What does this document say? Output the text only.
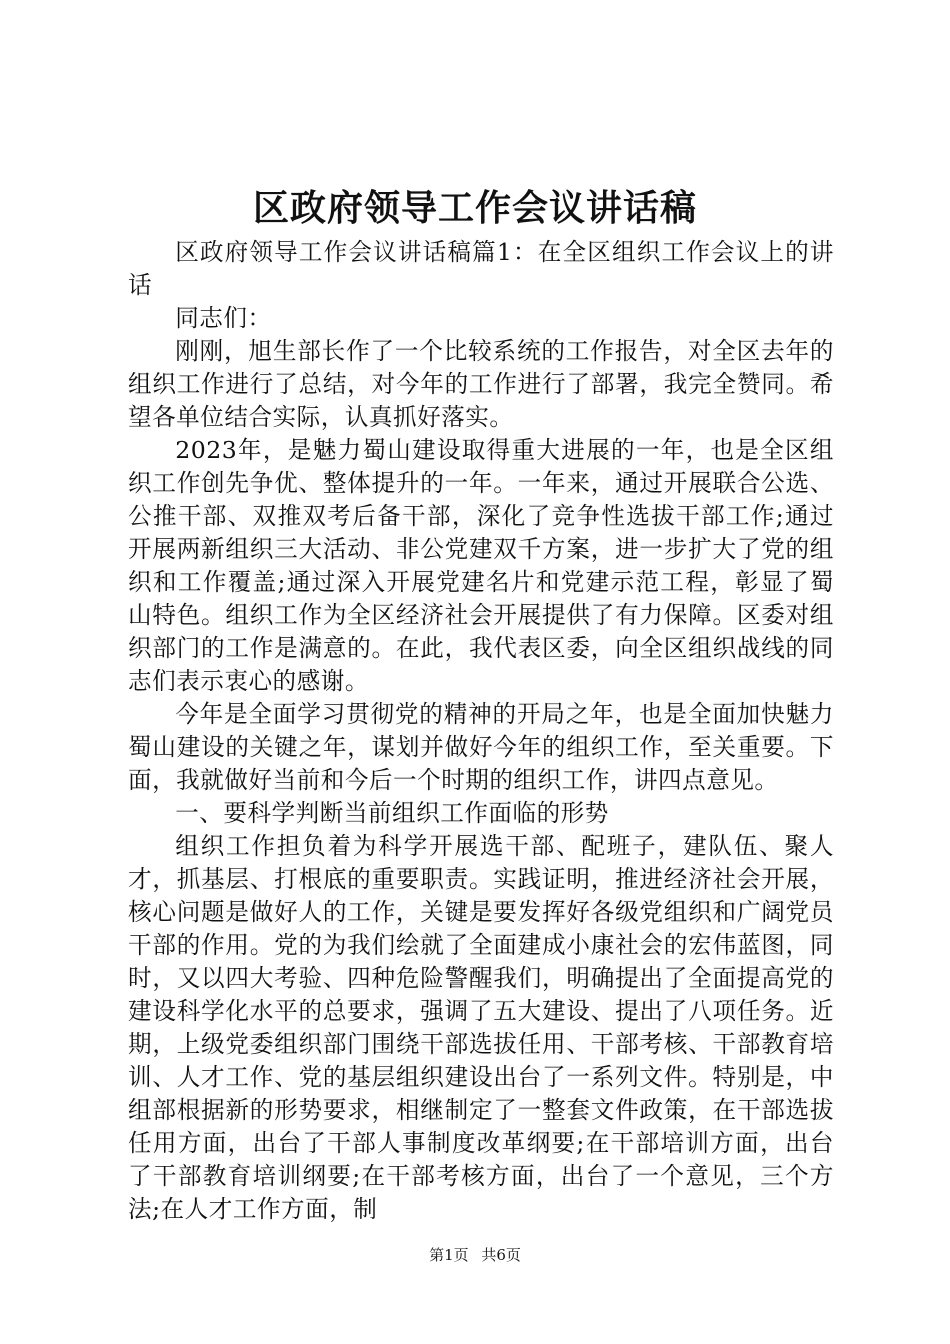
区政府领导工作会议讲话稿

区政府领导工作会议讲话稿篇1：在全区组织工作会议上的讲话

同志们：

刚刚，旭生部长作了一个比较系统的工作报告，对全区去年的组织工作进行了总结，对今年的工作进行了部署，我完全赞同。希望各单位结合实际，认真抓好落实。

2023年，是魅力蜀山建设取得重大进展的一年，也是全区组织工作创先争优、整体提升的一年。一年来，通过开展联合公选、公推干部、双推双考后备干部，深化了竞争性选拔干部工作;通过开展两新组织三大活动、非公党建双千方案，进一步扩大了党的组织和工作覆盖;通过深入开展党建名片和党建示范工程，彰显了蜀山特色。组织工作为全区经济社会开展提供了有力保障。区委对组织部门的工作是满意的。在此，我代表区委，向全区组织战线的同志们表示衷心的感谢。

今年是全面学习贯彻党的精神的开局之年，也是全面加快魅力蜀山建设的关键之年，谋划并做好今年的组织工作，至关重要。下面，我就做好当前和今后一个时期的组织工作，讲四点意见。

一、要科学判断当前组织工作面临的形势

组织工作担负着为科学开展选干部、配班子，建队伍、聚人才，抓基层、打根底的重要职责。实践证明，推进经济社会开展，核心问题是做好人的工作，关键是要发挥好各级党组织和广阔党员干部的作用。党的为我们绘就了全面建成小康社会的宏伟蓝图，同时，又以四大考验、四种危险警醒我们，明确提出了全面提高党的建设科学化水平的总要求，强调了五大建设、提出了八项任务。近期，上级党委组织部门围绕干部选拔任用、干部考核、干部教育培训、人才工作、党的基层组织建设出台了一系列文件。特别是，中组部根据新的形势要求，相继制定了一整套文件政策，在干部选拔任用方面，出台了干部人事制度改革纲要;在干部培训方面，出台了干部教育培训纲要;在干部考核方面，出台了一个意见，三个方法;在人才工作方面，制

第1页 共6页
